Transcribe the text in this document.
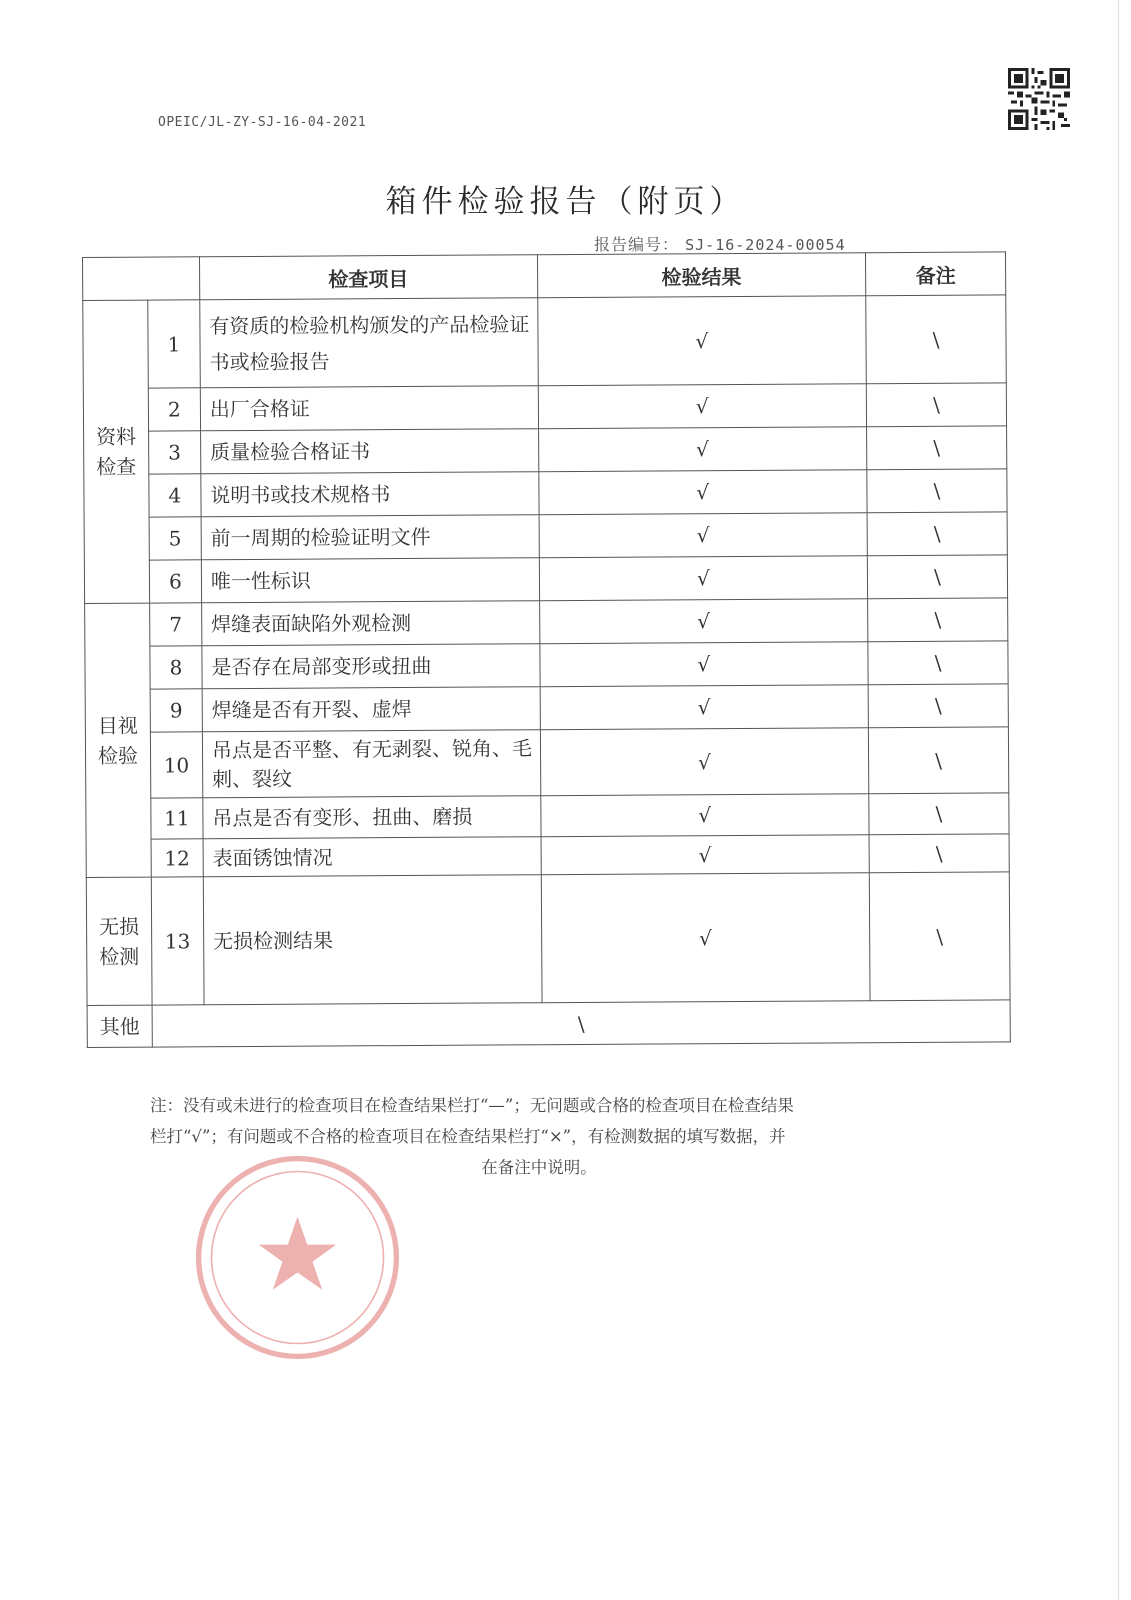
OPEIC/JL-ZY-SJ-16-04-2021
箱件检验报告（附页）
报告编号： SJ-16-2024-00054
		检查项目	检验结果	备注

资料
检查	1	有资质的检验机构颁发的产品检验证书或检验报告	√	\
	2	出厂合格证	√	\
	3	质量检验合格证书	√	\
	4	说明书或技术规格书	√	\
	5	前一周期的检验证明文件	√	\
	6	唯一性标识	√	\

目视
检验	7	焊缝表面缺陷外观检测	√	\
	8	是否存在局部变形或扭曲	√	\
	9	焊缝是否有开裂、虚焊	√	\
	10	吊点是否平整、有无剥裂、锐角、毛刺、裂纹	√	\
	11	吊点是否有变形、扭曲、磨损	√	\
	12	表面锈蚀情况	√	\

无损
检测	13	无损检测结果	√	\
其他	\			
注：没有或未进行的检查项目在检查结果栏打“—”；无问题或合格的检查项目在检查结果
栏打“√”；有问题或不合格的检查项目在检查结果栏打“×”，有检测数据的填写数据，并
在备注中说明。
